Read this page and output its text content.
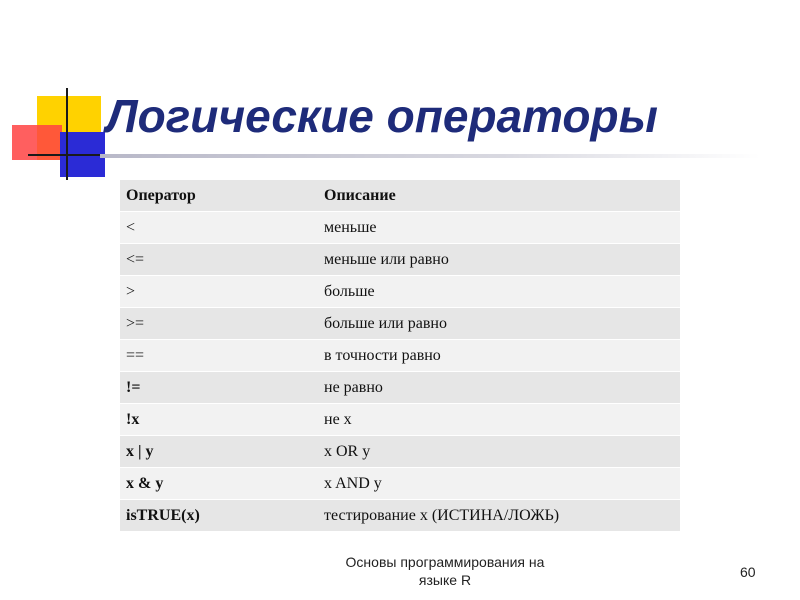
Логические операторы
Оператор	Описание
<	меньше
<=	меньше или равно
>	больше
>=	больше или равно
==	в точности равно
!=	не равно
!x	не x
x | y	x OR y
x & y	x AND y
isTRUE(x)	тестирование x (ИСТИНА/ЛОЖЬ)
Основы программирования на
языке R	60
